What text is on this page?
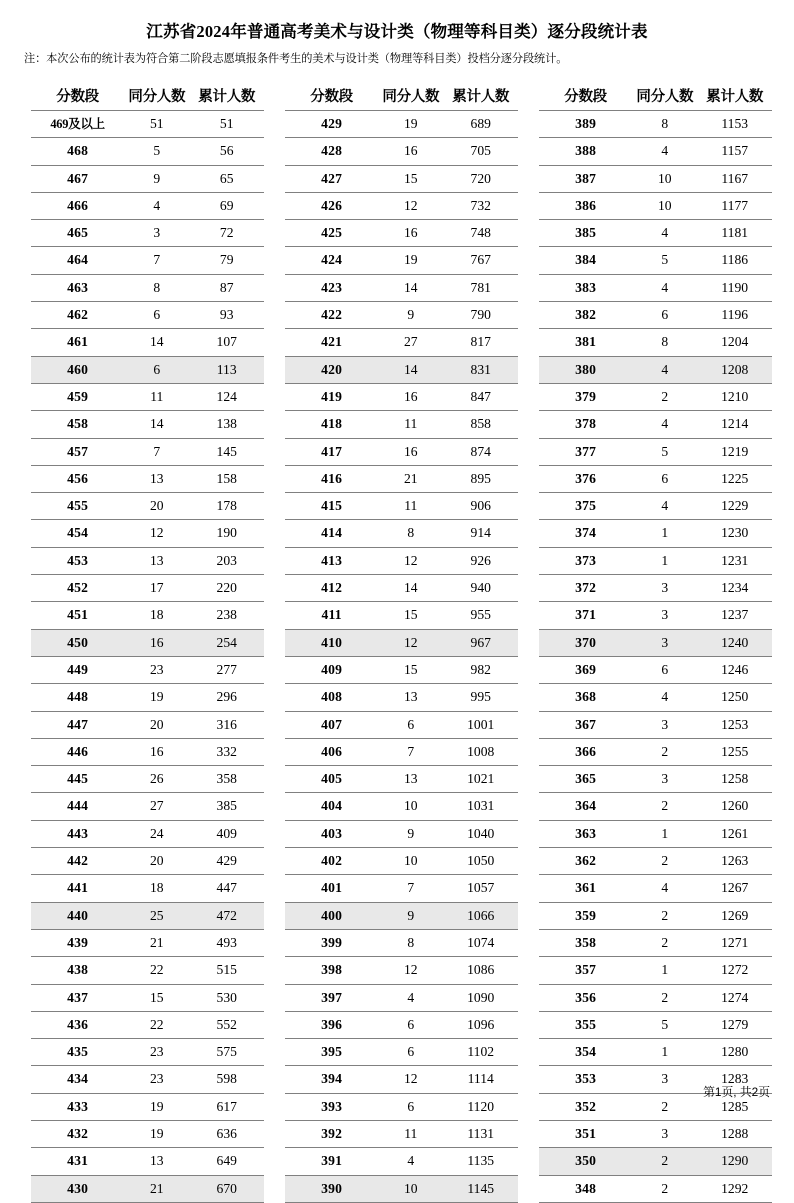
江苏省2024年普通高考美术与设计类（物理等科目类）逐分段统计表
注：本次公布的统计表为符合第二阶段志愿填报条件考生的美术与设计类（物理等科目类）投档分逐分段统计。
分数段	同分人数	累计人数
469及以上	51	51
468	5	56
467	9	65
466	4	69
465	3	72
464	7	79
463	8	87
462	6	93
461	14	107
460	6	113
459	11	124
458	14	138
457	7	145
456	13	158
455	20	178
454	12	190
453	13	203
452	17	220
451	18	238
450	16	254
449	23	277
448	19	296
447	20	316
446	16	332
445	26	358
444	27	385
443	24	409
442	20	429
441	18	447
440	25	472
439	21	493
438	22	515
437	15	530
436	22	552
435	23	575
434	23	598
433	19	617
432	19	636
431	13	649
430	21	670
分数段	同分人数	累计人数
429	19	689
428	16	705
427	15	720
426	12	732
425	16	748
424	19	767
423	14	781
422	9	790
421	27	817
420	14	831
419	16	847
418	11	858
417	16	874
416	21	895
415	11	906
414	8	914
413	12	926
412	14	940
411	15	955
410	12	967
409	15	982
408	13	995
407	6	1001
406	7	1008
405	13	1021
404	10	1031
403	9	1040
402	10	1050
401	7	1057
400	9	1066
399	8	1074
398	12	1086
397	4	1090
396	6	1096
395	6	1102
394	12	1114
393	6	1120
392	11	1131
391	4	1135
390	10	1145
分数段	同分人数	累计人数
389	8	1153
388	4	1157
387	10	1167
386	10	1177
385	4	1181
384	5	1186
383	4	1190
382	6	1196
381	8	1204
380	4	1208
379	2	1210
378	4	1214
377	5	1219
376	6	1225
375	4	1229
374	1	1230
373	1	1231
372	3	1234
371	3	1237
370	3	1240
369	6	1246
368	4	1250
367	3	1253
366	2	1255
365	3	1258
364	2	1260
363	1	1261
362	2	1263
361	4	1267
359	2	1269
358	2	1271
357	1	1272
356	2	1274
355	5	1279
354	1	1280
353	3	1283
352	2	1285
351	3	1288
350	2	1290
348	2	1292
第1页, 共2页
